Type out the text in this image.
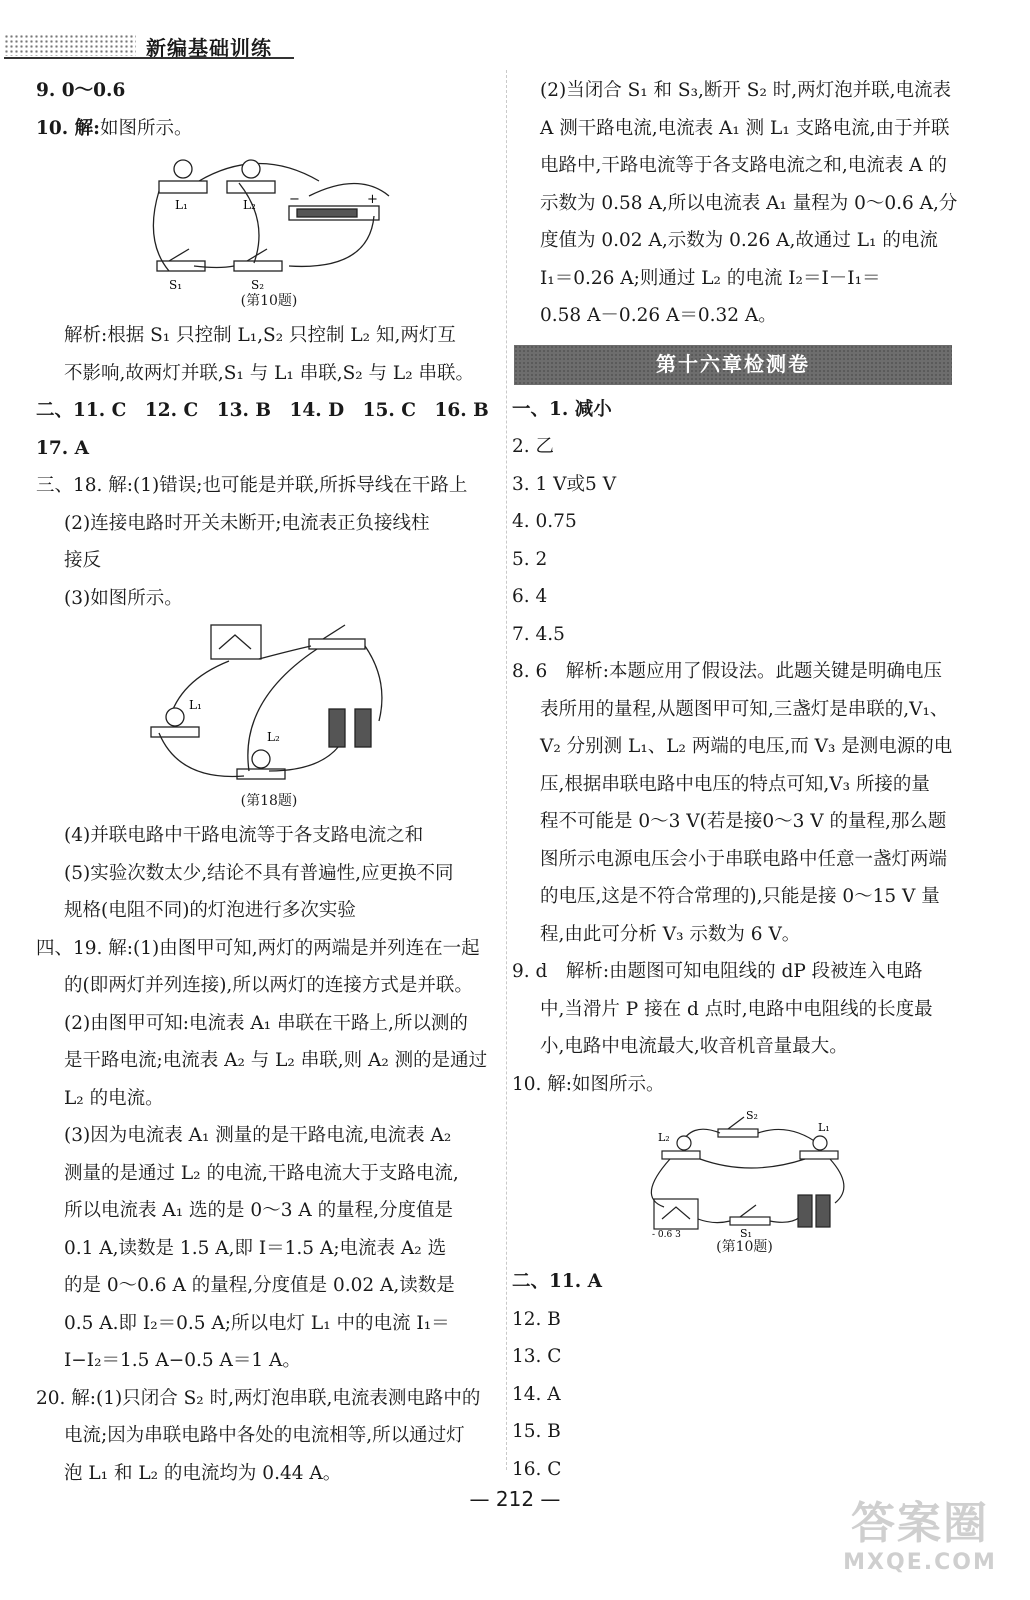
新编基础训练

9. 0～0.6

10. 解:如图所示。

L₁	L₂
S₁	S₂
−	+
(第10题)

解析:根据 S₁ 只控制 L₁,S₂ 只控制 L₂ 知,两灯互

不影响,故两灯并联,S₁ 与 L₁ 串联,S₂ 与 L₂ 串联。

二、11. C　12. C　13. B　14. D　15. C　16. B　17. A

三、18. 解:(1)错误;也可能是并联,所拆导线在干路上

(2)连接电路时开关未断开;电流表正负接线柱

接反

(3)如图所示。

L₁
L₂
(第18题)

(4)并联电路中干路电流等于各支路电流之和

(5)实验次数太少,结论不具有普遍性,应更换不同

规格(电阻不同)的灯泡进行多次实验

四、19. 解:(1)由图甲可知,两灯的两端是并列连在一起

的(即两灯并列连接),所以两灯的连接方式是并联。

(2)由图甲可知:电流表 A₁ 串联在干路上,所以测的

是干路电流;电流表 A₂ 与 L₂ 串联,则 A₂ 测的是通过

L₂ 的电流。

(3)因为电流表 A₁ 测量的是干路电流,电流表 A₂

测量的是通过 L₂ 的电流,干路电流大于支路电流,

所以电流表 A₁ 选的是 0～3 A 的量程,分度值是

0.1 A,读数是 1.5 A,即 I＝1.5 A;电流表 A₂ 选

的是 0～0.6 A 的量程,分度值是 0.02 A,读数是

0.5 A.即 I₂＝0.5 A;所以电灯 L₁ 中的电流 I₁＝

I−I₂＝1.5 A−0.5 A＝1 A。

20. 解:(1)只闭合 S₂ 时,两灯泡串联,电流表测电路中的

电流;因为串联电路中各处的电流相等,所以通过灯

泡 L₁ 和 L₂ 的电流均为 0.44 A。

(2)当闭合 S₁ 和 S₃,断开 S₂ 时,两灯泡并联,电流表

A 测干路电流,电流表 A₁ 测 L₁ 支路电流,由于并联

电路中,干路电流等于各支路电流之和,电流表 A 的

示数为 0.58 A,所以电流表 A₁ 量程为 0～0.6 A,分

度值为 0.02 A,示数为 0.26 A,故通过 L₁ 的电流

I₁＝0.26 A;则通过 L₂ 的电流 I₂＝I－I₁＝

0.58 A－0.26 A＝0.32 A。

第十六章检测卷

一、1. 减小

2. 乙

3. 1 V或5 V

4. 0.75

5. 2

6. 4

7. 4.5

8. 6　解析:本题应用了假设法。此题关键是明确电压

表所用的量程,从题图甲可知,三盏灯是串联的,V₁、

V₂ 分别测 L₁、L₂ 两端的电压,而 V₃ 是测电源的电

压,根据串联电路中电压的特点可知,V₃ 所接的量

程不可能是 0～3 V(若是接0～3 V 的量程,那么题

图所示电源电压会小于串联电路中任意一盏灯两端

的电压,这是不符合常理的),只能是接 0～15 V 量

程,由此可分析 V₃ 示数为 6 V。

9. d　解析:由题图可知电阻线的 dP 段被连入电路

中,当滑片 P 接在 d 点时,电路中电阻线的长度最

小,电路中电流最大,收音机音量最大。

10. 解:如图所示。

S₂
L₁
L₂
S₁
- 0.6 3
(第10题)

二、11. A

12. B

13. C

14. A

15. B

16. C

— 212 —	答案圈
MXQE.COM
